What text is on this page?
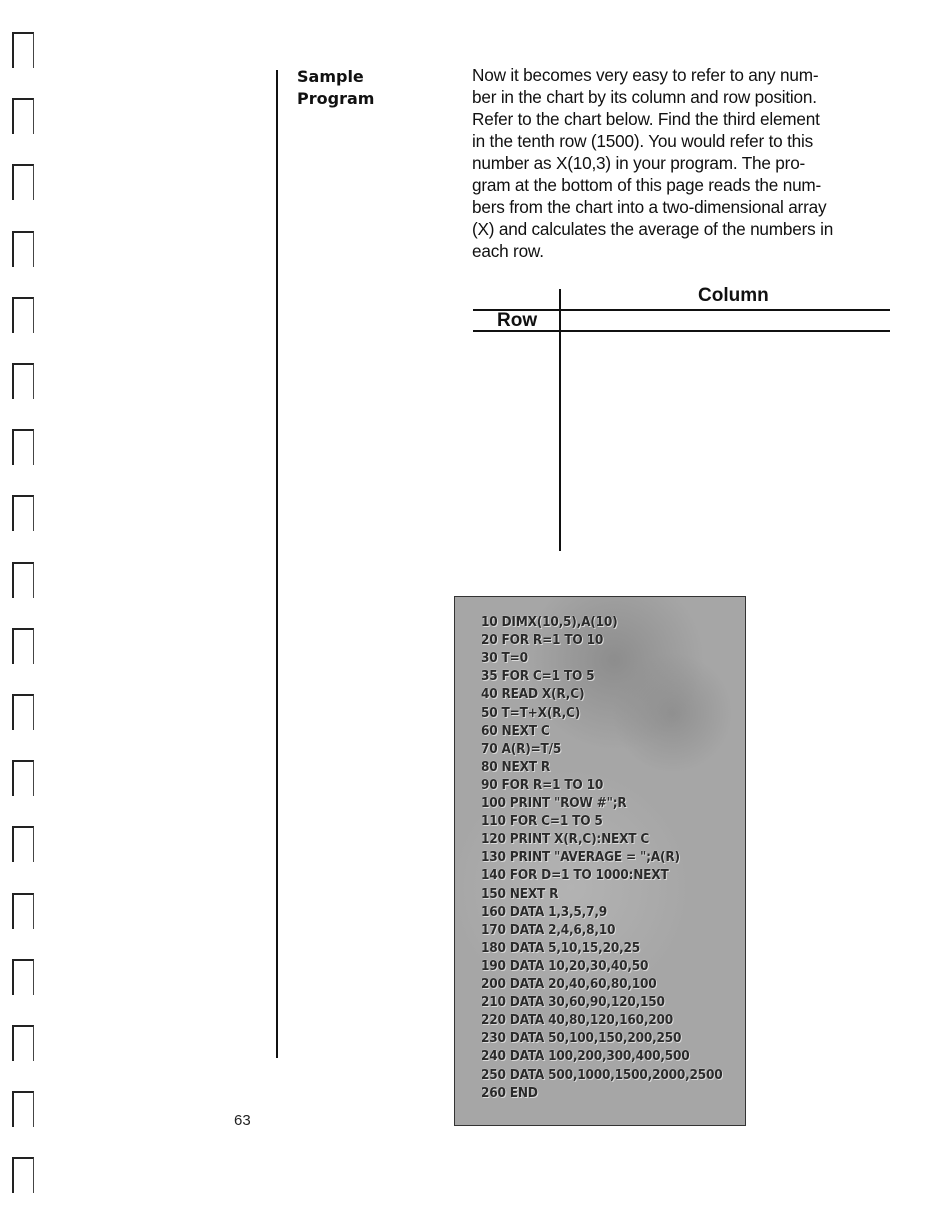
Sample
Program
Now it becomes very easy to refer to any num-
ber in the chart by its column and row position.
Refer to the chart below. Find the third element
in the tenth row (1500). You would refer to this
number as X(10,3) in your program. The pro-
gram at the bottom of this page reads the num-
bers from the chart into a two-dimensional array
(X) and calculates the average of the numbers in
each row.
Column
Row
10 DIMX(10,5),A(10)
20 FOR R=1 TO 10
30 T=0
35 FOR C=1 TO 5
40 READ X(R,C)
50 T=T+X(R,C)
60 NEXT C
70 A(R)=T/5
80 NEXT R
90 FOR R=1 TO 10
100 PRINT "ROW #";R
110 FOR C=1 TO 5
120 PRINT X(R,C):NEXT C
130 PRINT "AVERAGE = ";A(R)
140 FOR D=1 TO 1000:NEXT
150 NEXT R
160 DATA 1,3,5,7,9
170 DATA 2,4,6,8,10
180 DATA 5,10,15,20,25
190 DATA 10,20,30,40,50
200 DATA 20,40,60,80,100
210 DATA 30,60,90,120,150
220 DATA 40,80,120,160,200
230 DATA 50,100,150,200,250
240 DATA 100,200,300,400,500
250 DATA 500,1000,1500,2000,2500
260 END
63
